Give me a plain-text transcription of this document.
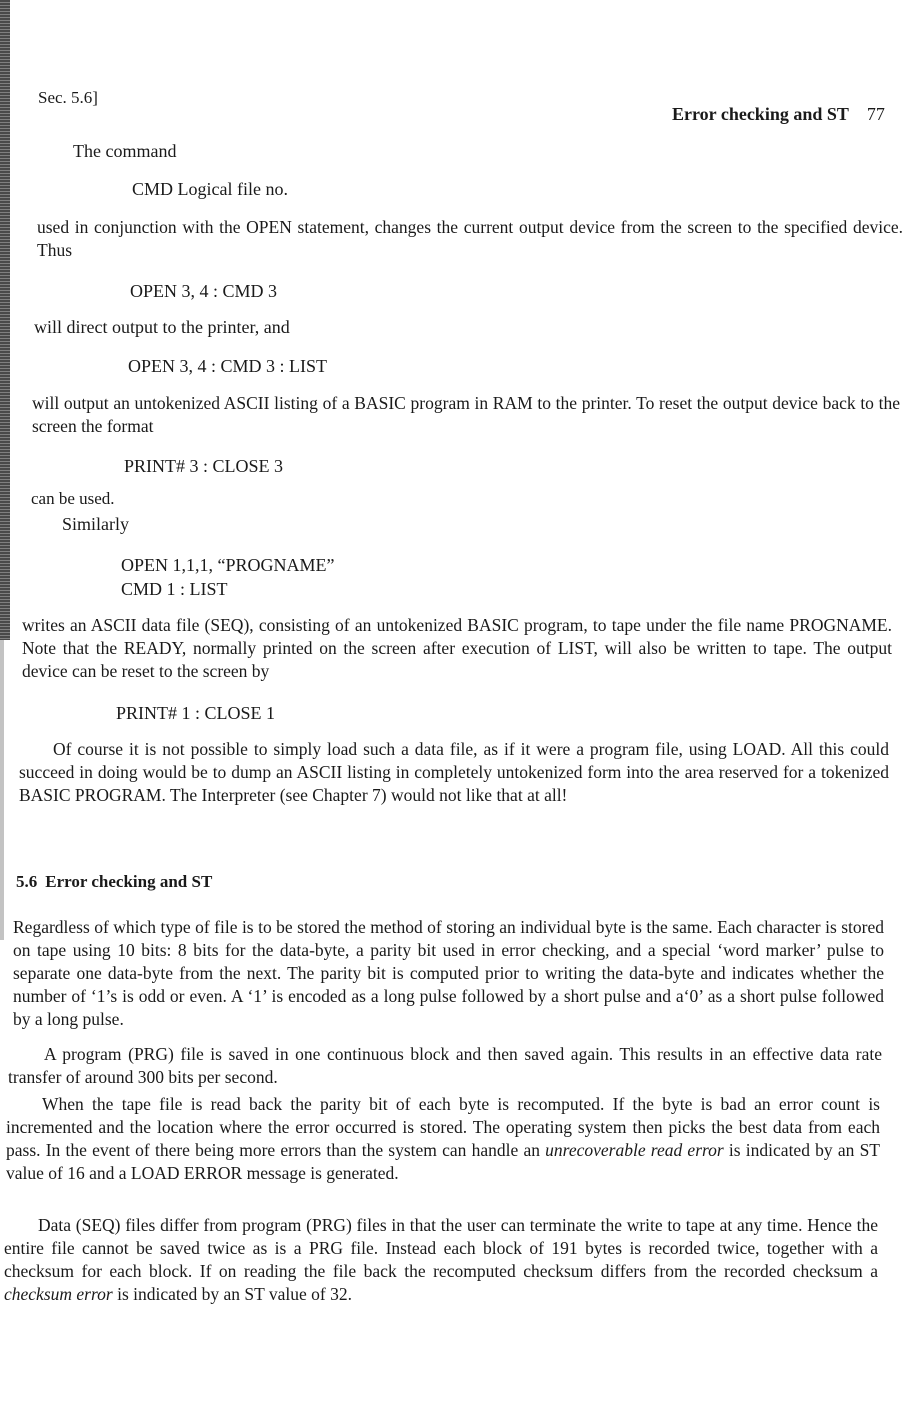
Sec. 5.6]
Error checking and ST 77
The command
CMD Logical file no.
used in conjunction with the OPEN statement, changes the current output device from the screen to the specified device. Thus
OPEN 3, 4 : CMD 3
will direct output to the printer, and
OPEN 3, 4 : CMD 3 : LIST
will output an untokenized ASCII listing of a BASIC program in RAM to the printer. To reset the output device back to the screen the format
PRINT# 3 : CLOSE 3
can be used.
Similarly
OPEN 1,1,1, “PROGNAME”
CMD 1 : LIST
writes an ASCII data file (SEQ), consisting of an untokenized BASIC program, to tape under the file name PROGNAME. Note that the READY, normally printed on the screen after execution of LIST, will also be written to tape. The output device can be reset to the screen by
PRINT# 1 : CLOSE 1
Of course it is not possible to simply load such a data file, as if it were a program file, using LOAD. All this could succeed in doing would be to dump an ASCII listing in completely untokenized form into the area reserved for a tokenized BASIC PROGRAM. The Interpreter (see Chapter 7) would not like that at all!
5.6 Error checking and ST
Regardless of which type of file is to be stored the method of storing an individual byte is the same. Each character is stored on tape using 10 bits: 8 bits for the data-byte, a parity bit used in error checking, and a special ‘word marker’ pulse to separate one data-byte from the next. The parity bit is computed prior to writing the data-byte and indicates whether the number of ‘1’s is odd or even. A ‘1’ is encoded as a long pulse followed by a short pulse and a‘0’ as a short pulse followed by a long pulse.
A program (PRG) file is saved in one continuous block and then saved again. This results in an effective data rate transfer of around 300 bits per second.
When the tape file is read back the parity bit of each byte is recomputed. If the byte is bad an error count is incremented and the location where the error occurred is stored. The operating system then picks the best data from each pass. In the event of there being more errors than the system can handle an unrecoverable read error is indicated by an ST value of 16 and a LOAD ERROR message is generated.
Data (SEQ) files differ from program (PRG) files in that the user can terminate the write to tape at any time. Hence the entire file cannot be saved twice as is a PRG file. Instead each block of 191 bytes is recorded twice, together with a checksum for each block. If on reading the file back the recomputed checksum differs from the recorded checksum a checksum error is indicated by an ST value of 32.
